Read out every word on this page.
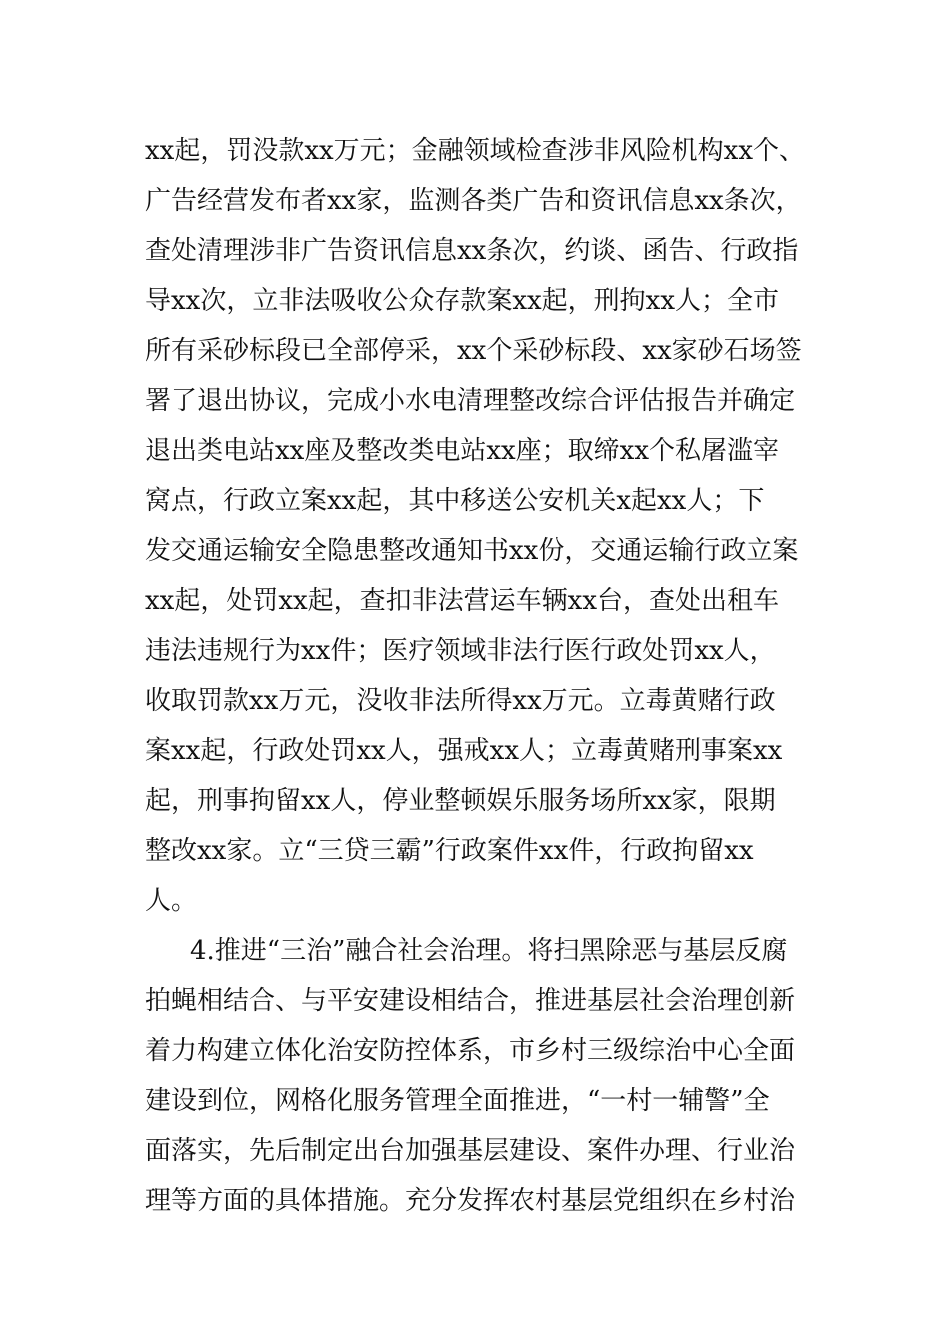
xx起，罚没款xx万元；金融领域检查涉非风险机构xx个、
广告经营发布者xx家，监测各类广告和资讯信息xx条次，
查处清理涉非广告资讯信息xx条次，约谈、函告、行政指
导xx次，立非法吸收公众存款案xx起，刑拘xx人；全市
所有采砂标段已全部停采，xx个采砂标段、xx家砂石场签
署了退出协议，完成小水电清理整改综合评估报告并确定
退出类电站xx座及整改类电站xx座；取缔xx个私屠滥宰
窝点，行政立案xx起，其中移送公安机关x起xx人；下
发交通运输安全隐患整改通知书xx份，交通运输行政立案
xx起，处罚xx起，查扣非法营运车辆xx台，查处出租车
违法违规行为xx件；医疗领域非法行医行政处罚xx人，
收取罚款xx万元，没收非法所得xx万元。立毒黄赌行政
案xx起，行政处罚xx人，强戒xx人；立毒黄赌刑事案xx
起，刑事拘留xx人，停业整顿娱乐服务场所xx家，限期
整改xx家。立“三贷三霸”行政案件xx件，行政拘留xx
人。
4.推进“三治”融合社会治理。将扫黑除恶与基层反腐
拍蝇相结合、与平安建设相结合，推进基层社会治理创新
着力构建立体化治安防控体系，市乡村三级综治中心全面
建设到位，网格化服务管理全面推进，“一村一辅警”全
面落实，先后制定出台加强基层建设、案件办理、行业治
理等方面的具体措施。充分发挥农村基层党组织在乡村治
